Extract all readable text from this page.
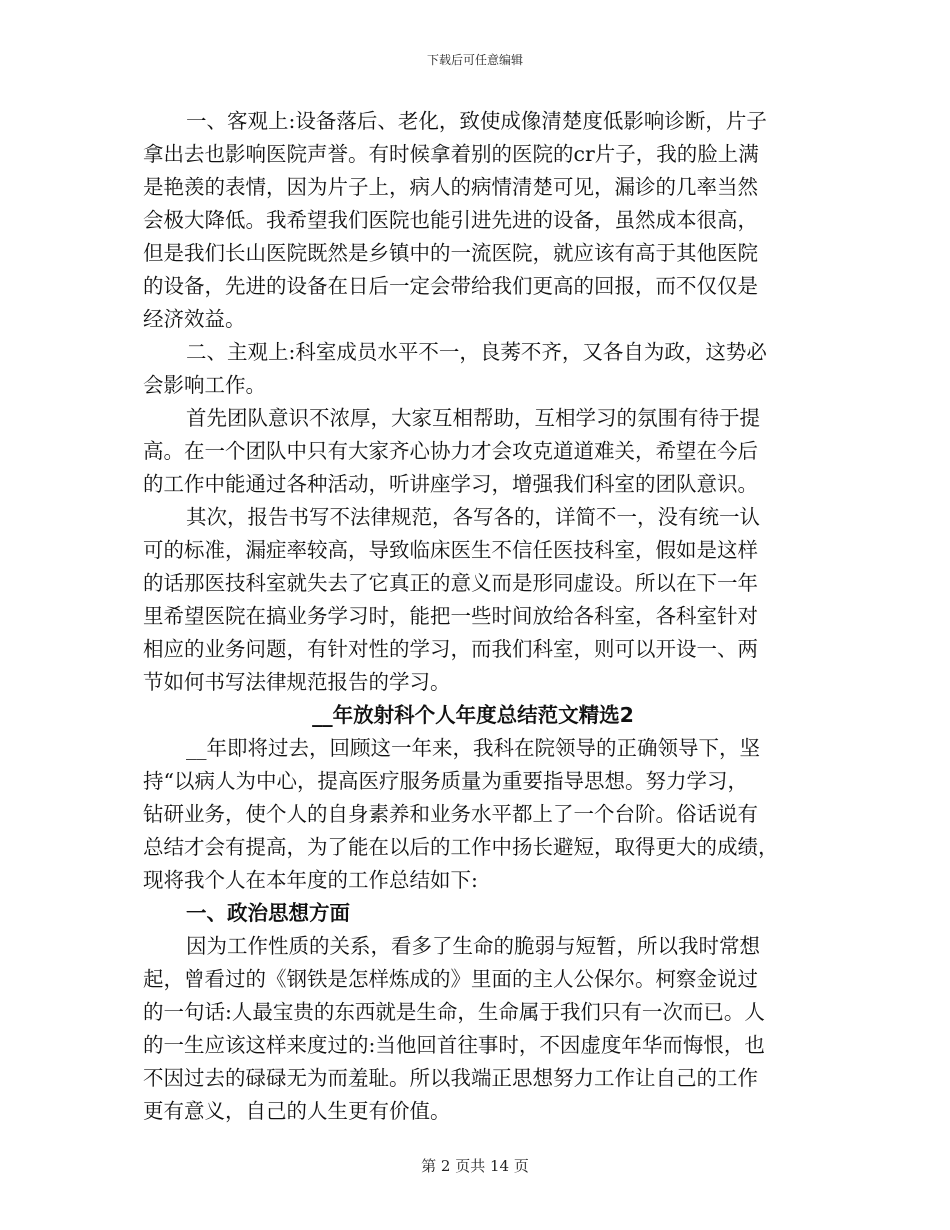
下载后可任意编辑
一、客观上:设备落后、老化，致使成像清楚度低影响诊断，片子
拿出去也影响医院声誉。有时候拿着别的医院的cr片子，我的脸上满
是艳羡的表情，因为片子上，病人的病情清楚可见，漏诊的几率当然
会极大降低。我希望我们医院也能引进先进的设备，虽然成本很高，
但是我们长山医院既然是乡镇中的一流医院，就应该有高于其他医院
的设备，先进的设备在日后一定会带给我们更高的回报，而不仅仅是
经济效益。
二、主观上:科室成员水平不一，良莠不齐，又各自为政，这势必
会影响工作。
首先团队意识不浓厚，大家互相帮助，互相学习的氛围有待于提
高。在一个团队中只有大家齐心协力才会攻克道道难关，希望在今后
的工作中能通过各种活动，听讲座学习，增强我们科室的团队意识。
其次，报告书写不法律规范，各写各的，详简不一，没有统一认
可的标准，漏症率较高，导致临床医生不信任医技科室，假如是这样
的话那医技科室就失去了它真正的意义而是形同虚设。所以在下一年
里希望医院在搞业务学习时，能把一些时间放给各科室，各科室针对
相应的业务问题，有针对性的学习，而我们科室，则可以开设一、两
节如何书写法律规范报告的学习。
__年放射科个人年度总结范文精选2
__年即将过去，回顾这一年来，我科在院领导的正确领导下，坚
持“以病人为中心，提高医疗服务质量为重要指导思想。努力学习，
钻研业务，使个人的自身素养和业务水平都上了一个台阶。俗话说有
总结才会有提高，为了能在以后的工作中扬长避短，取得更大的成绩，
现将我个人在本年度的工作总结如下:
一、政治思想方面
因为工作性质的关系，看多了生命的脆弱与短暂，所以我时常想
起，曾看过的《钢铁是怎样炼成的》里面的主人公保尔。柯察金说过
的一句话:人最宝贵的东西就是生命，生命属于我们只有一次而已。人
的一生应该这样来度过的:当他回首往事时，不因虚度年华而悔恨，也
不因过去的碌碌无为而羞耻。所以我端正思想努力工作让自己的工作
更有意义，自己的人生更有价值。
第 2 页共 14 页
